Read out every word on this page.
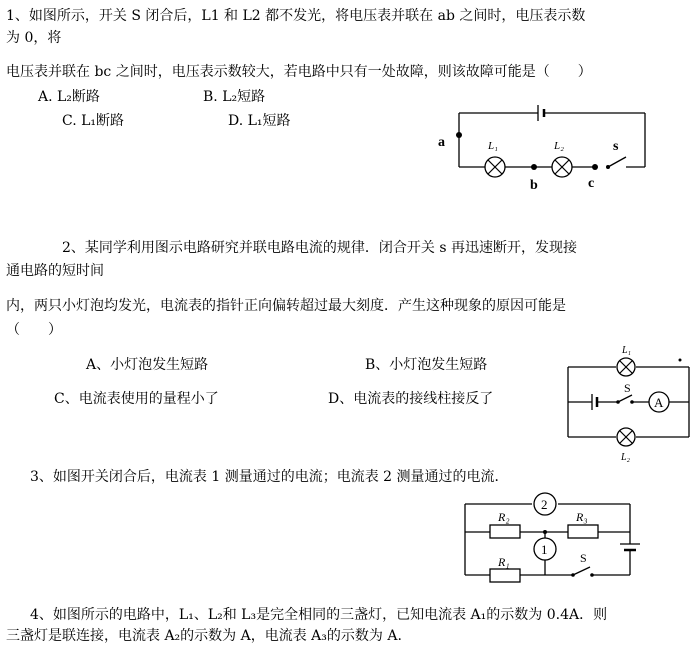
1、如图所示，开关 S 闭合后，L1 和 L2 都不发光，将电压表并联在 ab 之间时，电压表示数
为 0，将
电压表并联在 bc 之间时，电压表示数较大，若电路中只有一处故障，则该故障可能是（　　）
A. L₂断路	B. L₂短路
C. L₁断路	D. L₁短路
a
b	c
s
L₁	L₂
2、某同学利用图示电路研究并联电路电流的规律．闭合开关 s 再迅速断开，发现接
通电路的短时间
内，两只小灯泡均发光，电流表的指针正向偏转超过最大刻度．产生这种现象的原因可能是
（　　）
A、小灯泡发生短路	B、小灯泡发生短路
C、电流表使用的量程小了	D、电流表的接线柱接反了	A
L₁
L₂
S
3、如图开关闭合后，电流表 1 测量通过的电流；电流表 2 测量通过的电流．
2
1
R₂	R₃
R₁	S
4、如图所示的电路中，L₁、L₂和 L₃是完全相同的三盏灯，已知电流表 A₁的示数为 0.4A．则
三盏灯是联连接，电流表 A₂的示数为 A，电流表 A₃的示数为 A.
